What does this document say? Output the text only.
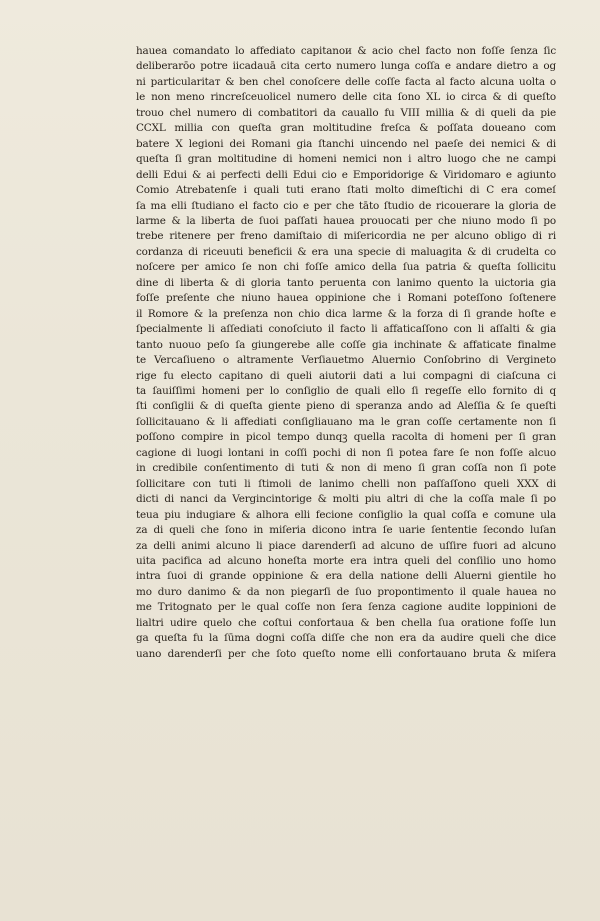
haueа comandato lo affediato capitanoи & acio chel facto non foſſe ſenza ſic
deliberarōo potre iicadauā cita certo numero lunga coſſa e andare dietro a og
ni particularitaт & ben chel conoſcere delle coſſe facta al facto alcuna uolta o
le non meno rincreſceuolicel numero delle cita ſono XL io circa & di queſto
trouo chel numero di combatitori da cauallo fu VIII millia & di queli da pie
CCXL millia con queſta gran moltitudine freſca & poſſata doueano com
batere X legioni dei Romani gia ſtanchi uincendo nel paeſe dei nemici & di
queſta ſi gran moltitudine di homeni nemici non i altro luogo che ne campi
delli Edui & ai perfecti delli Edui cio e Emporidorige & Viridomaro e agiunto
Comio Atrebatenſe i quali tuti erano ſtati molto dimeſtichi di C era comeſ
ſa ma elli ſtudiano el facto cio e per che tāto ſtudio de ricouerare la gloria de
larme & la liberta de ſuoi paſſati haueа prouocati per che niuno modo ſi po
trebe ritenere per freno damiſtaio di miſericordia ne per alcuno obligo di ri
cordanza di riceuuti beneficii & era una specie di maluagita & di crudelta co
noſcere per amico ſe non chi foſſe amico della ſua patria & queſta ſollicitu
dine di liberta & di gloria tanto peruenta con lanimo quento la uictoria gia
foſſe preſente che niuno haueа oppinione che i Romani poteſſono ſoſtenere
il Romore & la preſenza non chio dica larme & la forza di ſi grande hoſte e
ſpecialmente li aſſediati conoſciuto il facto li affaticaſſono con li aſſalti & gia
tanto nuouo peſo ſa giungerebe alle coſſe gia inchinate & affaticate finalme
te Vercaſiueno o altramente Verſiauetmo Aluernio Conſobrino di Vergineto
rige fu electo capitano di queli aiutorii dati a lui compagni di ciaſcuna ci
ta ſauiſſimi homeni per lo conſiglio de quali ello ſi regeſſe ello fornito di q
ſti conſiglii & di queſta giente pieno di speranza ando ad Aleſſia & ſe queſti
ſollicitauano & li affediati conſigliauano ma le gran coſſe certamente non ſi
poſſono compire in picol tempo dunqꝫ quella racolta di homeni per ſi gran
cagione di luogi lontani in coſſi pochi di non ſi potea fare ſe non foſſe alcuo
in credibile conſentimento di tuti & non di meno ſi gran coſſa non ſi pote
ſollicitare con tuti li ſtimoli de lanimo chelli non paſſaſſono queli XXX di
dicti di nanci da Vergincintorige & molti piu altri di che la coſſa male ſi po
teua piu indugiare & alhora elli fecione conſiglio la qual coſſa e comune ula
za di queli che ſono in miſeria dicono intra ſe uarie ſententie ſecondo luſan
za delli animi alcuno li piace darenderſi ad alcuno de uſſire fuori ad alcuno
uita pacifica ad alcuno honeſta morte era intra queli del conſilio uno homo
intra ſuoi di grande oppinione & era della natione delli Aluerni gientile ho
mo duro danimo & da non piegarſi de ſuo propontimento il quale haueа no
me Tritognato per le qual coſſe non ſera ſenza cagione audite loppinioni de
lialtri udire quelo che coſtui confortaua & ben chella ſua oratione foſſe lun
ga queſta fu la ſūma dogni coſſa diſſe che non era da audire queli che dice
uano darenderſi per che ſoto queſto nome elli confortauano bruta & miſera
